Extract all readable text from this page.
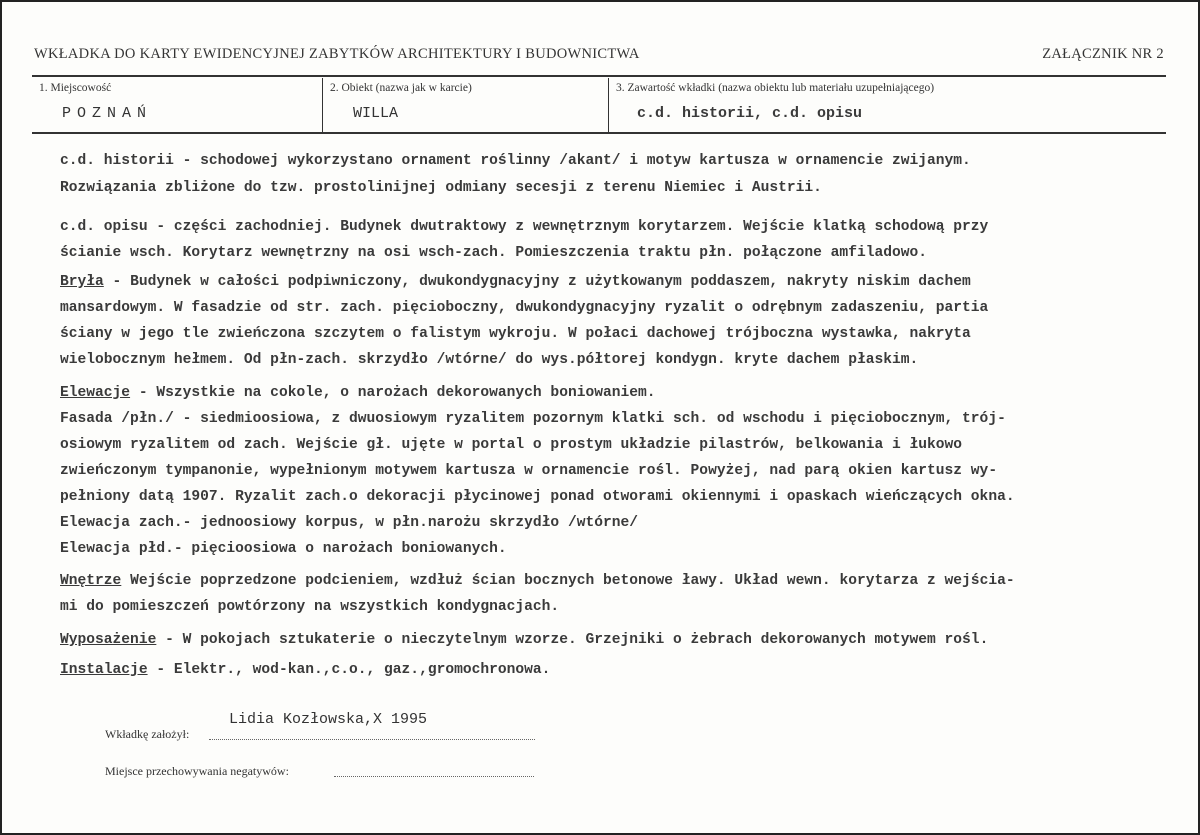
WKŁADKA DO KARTY EWIDENCYJNEJ ZABYTKÓW ARCHITEKTURY I BUDOWNICTWA	ZAŁĄCZNIK NR 2
1. Miejscowość
POZNAŃ
2. Obiekt (nazwa jak w karcie)
WILLA
3. Zawartość wkładki (nazwa obiektu lub materiału uzupełniającego)
c.d. historii, c.d. opisu
c.d. historii - schodowej wykorzystano ornament roślinny /akant/ i motyw kartusza w ornamencie zwijanym.
Rozwiązania zbliżone do tzw. prostolinijnej odmiany secesji z terenu Niemiec i Austrii.
c.d. opisu - części zachodniej. Budynek dwutraktowy z wewnętrznym korytarzem. Wejście klatką schodową przy
ścianie wsch. Korytarz wewnętrzny na osi wsch-zach. Pomieszczenia traktu płn. połączone amfiladowo.
Bryła - Budynek w całości podpiwniczony, dwukondygnacyjny z użytkowanym poddaszem, nakryty niskim dachem
mansardowym. W fasadzie od str. zach. pięcioboczny, dwukondygnacyjny ryzalit o odrębnym zadaszeniu, partia
ściany w jego tle zwieńczona szczytem o falistym wykroju. W połaci dachowej trójboczna wystawka, nakryta
wielobocznym hełmem. Od płn-zach. skrzydło /wtórne/ do wys.półtorej kondygn. kryte dachem płaskim.
Elewacje - Wszystkie na cokole, o narożach dekorowanych boniowaniem.
Fasada /płn./ - siedmioosiowa, z dwuosiowym ryzalitem pozornym klatki sch. od wschodu i pięciobocznym, trój-
osiowym ryzalitem od zach. Wejście gł. ujęte w portal o prostym układzie pilastrów, belkowania i łukowo
zwieńczonym tympanonie, wypełnionym motywem kartusza w ornamencie rośl. Powyżej, nad parą okien kartusz wy-
pełniony datą 1907. Ryzalit zach.o dekoracji płycinowej ponad otworami okiennymi i opaskach wieńczących okna.
Elewacja zach.- jednoosiowy korpus, w płn.narożu skrzydło /wtórne/
Elewacja płd.- pięcioosiowa o narożach boniowanych.
Wnętrze Wejście poprzedzone podcieniem, wzdłuż ścian bocznych betonowe ławy. Układ wewn. korytarza z wejścia-
mi do pomieszczeń powtórzony na wszystkich kondygnacjach.
Wyposażenie - W pokojach sztukaterie o nieczytelnym wzorze. Grzejniki o żebrach dekorowanych motywem rośl.
Instalacje - Elektr., wod-kan.,c.o., gaz.,gromochronowa.
Wkładkę założył:
Lidia Kozłowska,X 1995
Miejsce przechowywania negatywów:
